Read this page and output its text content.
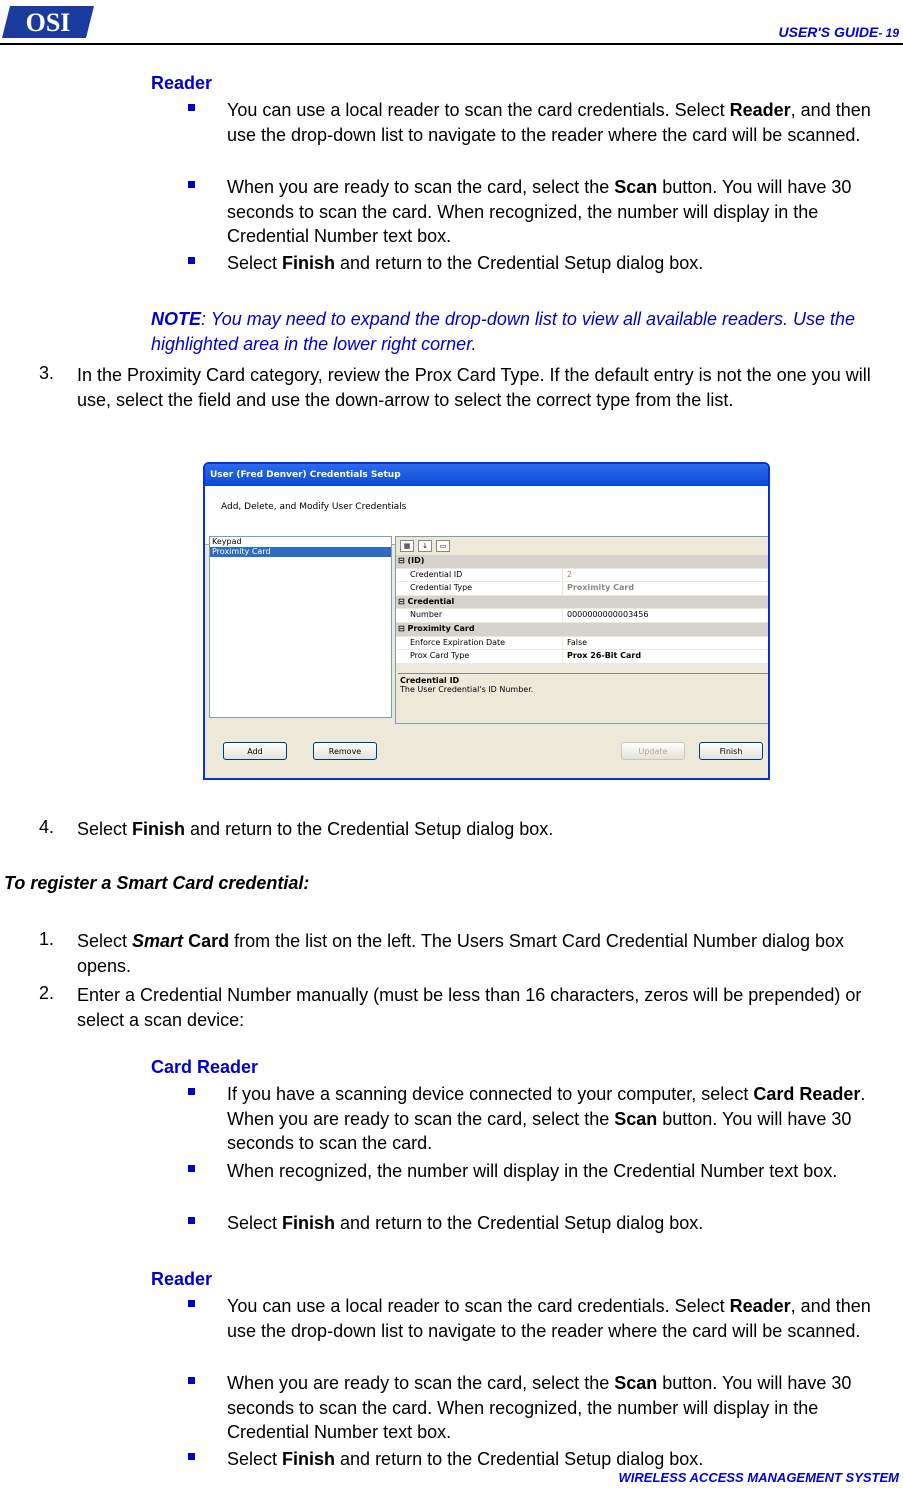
OSI	USER'S GUIDE- 19
Reader
You can use a local reader to scan the card credentials. Select Reader, and then use the drop-down list to navigate to the reader where the card will be scanned.
When you are ready to scan the card, select the Scan button. You will have 30 seconds to scan the card. When recognized, the number will display in the Credential Number text box.
Select Finish and return to the Credential Setup dialog box.
NOTE: You may need to expand the drop-down list to view all available readers. Use the highlighted area in the lower right corner.
3. In the Proximity Card category, review the Prox Card Type. If the default entry is not the one you will use, select the field and use the down-arrow to select the correct type from the list.
User (Fred Denver) Credentials Setup
Add, Delete, and Modify User Credentials
Keypad
Proximity Card
▦	↓	▭
⊟ (ID)
Credential ID	2
Credential Type	Proximity Card
⊟ Credential
Number	0000000000003456
⊟ Proximity Card
Enforce Expiration Date	False
Prox Card Type	Prox 26-Bit Card
Credential ID
The User Credential's ID Number.
Add	Remove	Update	Finish
4. Select Finish and return to the Credential Setup dialog box.
To register a Smart Card credential:
1. Select Smart Card from the list on the left. The Users Smart Card Credential Number dialog box opens.
2. Enter a Credential Number manually (must be less than 16 characters, zeros will be prepended) or select a scan device:
Card Reader
If you have a scanning device connected to your computer, select Card Reader. When you are ready to scan the card, select the Scan button. You will have 30 seconds to scan the card.
When recognized, the number will display in the Credential Number text box.
Select Finish and return to the Credential Setup dialog box.
Reader
You can use a local reader to scan the card credentials. Select Reader, and then use the drop-down list to navigate to the reader where the card will be scanned.
When you are ready to scan the card, select the Scan button. You will have 30 seconds to scan the card. When recognized, the number will display in the Credential Number text box.
Select Finish and return to the Credential Setup dialog box.
WIRELESS ACCESS MANAGEMENT SYSTEM
